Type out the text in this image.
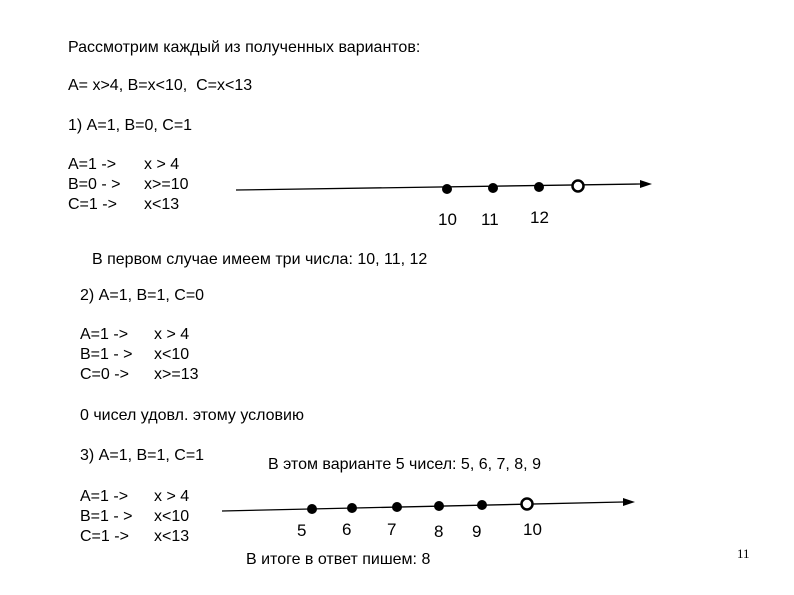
Рассмотрим каждый из полученных вариантов:
А= x>4, В=x<10,  С=x<13
1) А=1, В=0, С=1
А=1 -> x > 4
В=0 - > x>=10
С=1 -> x<13
10 11 12
В первом случае имеем три числа: 10, 11, 12
2) А=1, В=1, С=0
А=1 -> x > 4
В=1 - > x<10
С=0 -> x>=13
0 чисел удовл. этому условию
3) А=1, В=1, С=1
В этом варианте 5 чисел: 5, 6, 7, 8, 9
А=1 -> x > 4
В=1 - > x<10
С=1 -> x<13	5 6 7 8 9 10
В итоге в ответ пишем: 8	11
